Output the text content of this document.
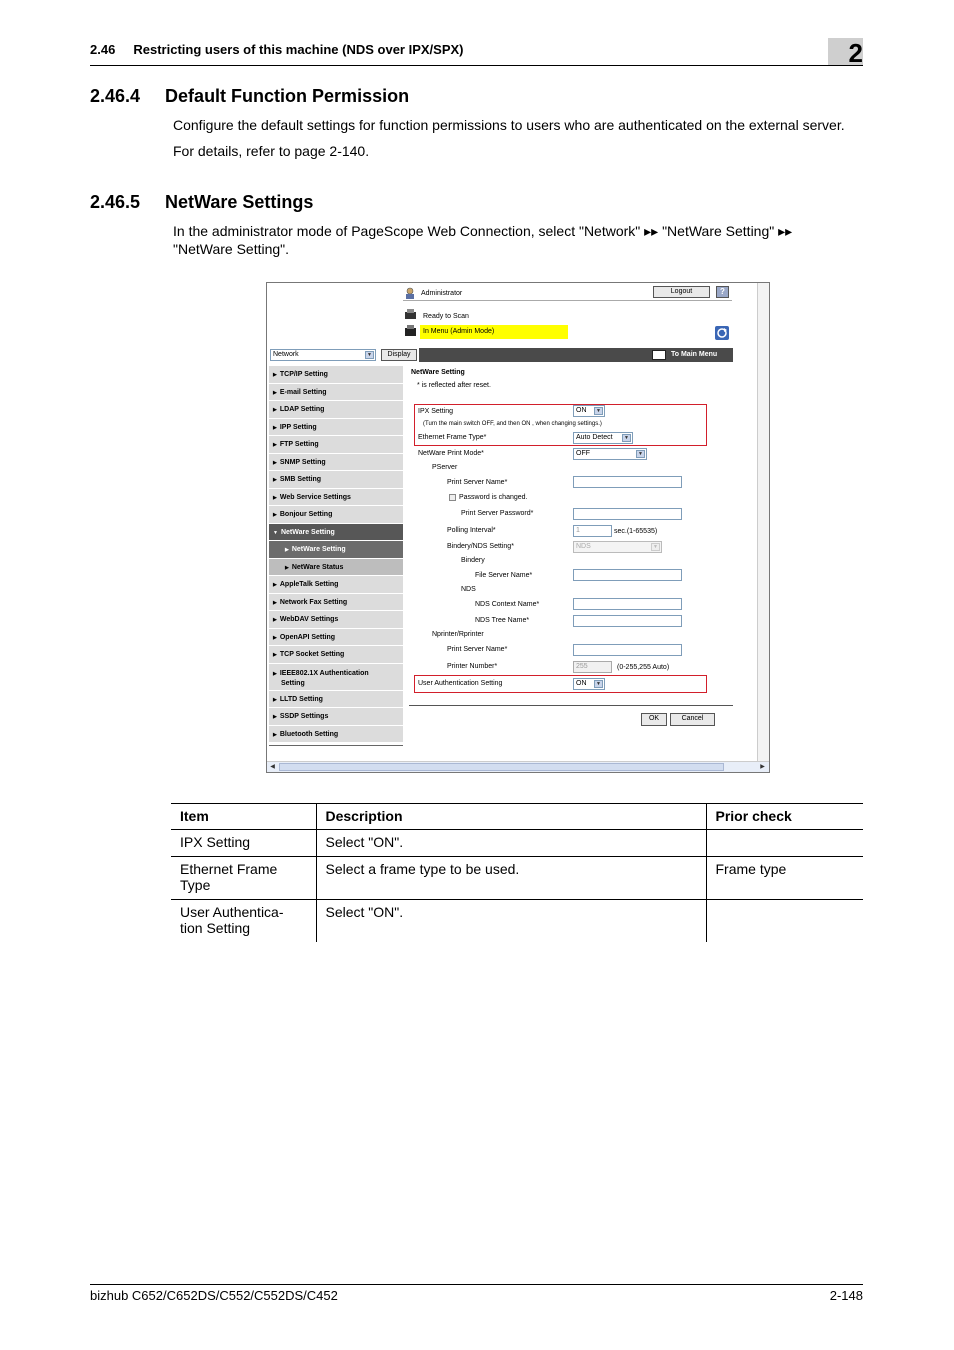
2.46     Restricting users of this machine (NDS over IPX/SPX)	2
2.46.4     Default Function Permission
Configure the default settings for function permissions to users who are authenticated on the external server.
For details, refer to page 2-140.
2.46.5     NetWare Settings
In the administrator mode of PageScope Web Connection, select "Network" ▸▸ "NetWare Setting" ▸▸
"NetWare Setting".
Administrator	Logout	?
Ready to Scan
In Menu (Admin Mode)
Network	▼	Display	To Main Menu
▶ TCP/IP Setting
▶ E-mail Setting
▶ LDAP Setting
▶ IPP Setting
▶ FTP Setting
▶ SNMP Setting
▶ SMB Setting
▶ Web Service Settings
▶ Bonjour Setting
▼ NetWare Setting
▶ NetWare Setting
▶ NetWare Status
▶ AppleTalk Setting
▶ Network Fax Setting
▶ WebDAV Settings
▶ OpenAPI Setting
▶ TCP Socket Setting
▶ IEEE802.1X Authentication
Setting
▶ LLTD Setting
▶ SSDP Settings
▶ Bluetooth Setting
NetWare Setting
* is reflected after reset.
IPX Setting	ON	▼
(Turn the main switch OFF, and then ON , when changing settings.)
Ethernet Frame Type*	Auto Detect	▼
NetWare Print Mode*	OFF	▼
PServer
Print Server Name*
Password is changed.
Print Server Password*
Polling Interval*	1	sec.(1-65535)
Bindery/NDS Setting*	NDS	▼
Bindery
File Server Name*
NDS
NDS Context Name*
NDS Tree Name*
Nprinter/Rprinter
Print Server Name*
Printer Number*	255	(0-255,255 Auto)
User Authentication Setting	ON	▼
OK	Cancel
◀	▶
Item	Description	Prior check
IPX Setting	Select "ON".	
Ethernet Frame Type	Select a frame type to be used.	Frame type
User Authentica-tion Setting	Select "ON".	
bizhub C652/C652DS/C552/C552DS/C452	2-148
